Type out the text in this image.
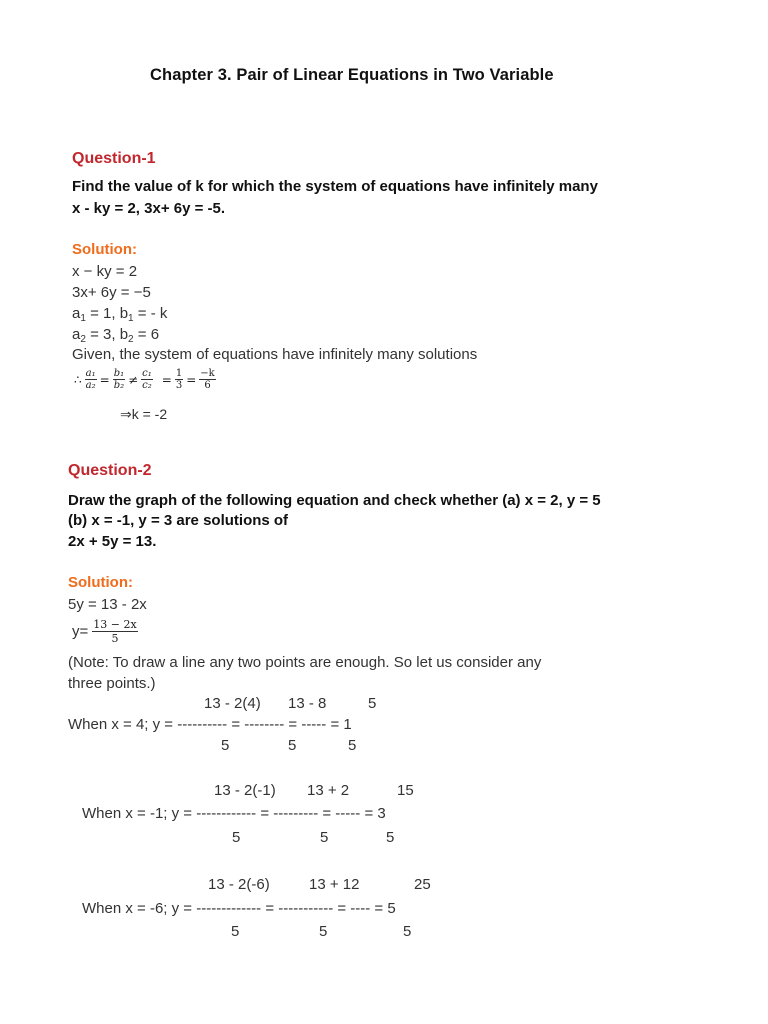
Chapter 3. Pair of Linear Equations in Two Variable
Question-1
Find the value of k for which the system of equations have infinitely many
x - ky = 2, 3x+ 6y = -5.
Solution:
x − ky = 2
3x+ 6y = −5
$a_1 = 1$, $b_1$ = - k
$a_2 = 3$, $b_2 = 6$
Given, the system of equations have infinitely many solutions
∴ $\frac{\text{a₁}}{\text{a₂}} = \frac{\text{b₁}}{\text{b₂}} \ne \frac{\text{c₁}}{\text{c₂}} = \frac{1}{3} = \frac{-k}{6}$
⇒k = -2
Question-2
Draw the graph of the following equation and check whether (a) x = 2, y = 5
(b) x = -1, y = 3 are solutions of
2x + 5y = 13.
Solution:
5y = 13 - 2x
$y= \frac{13 - 2x}{5}$
(Note: To draw a line any two points are enough. So let us consider any
three points.)
13 - 2(4) 13 - 8	5
When x = 4; y = ---------- = -------- = ----- = 1
5	5	5
13 - 2(-1) 13 + 2	15
When x = -1; y = ------------ = --------- = ----- = 3
5	5	5
13 - 2(-6)	13 + 12	25
When x = -6; y = ------------- = ----------- = ---- = 5
5	5	5
